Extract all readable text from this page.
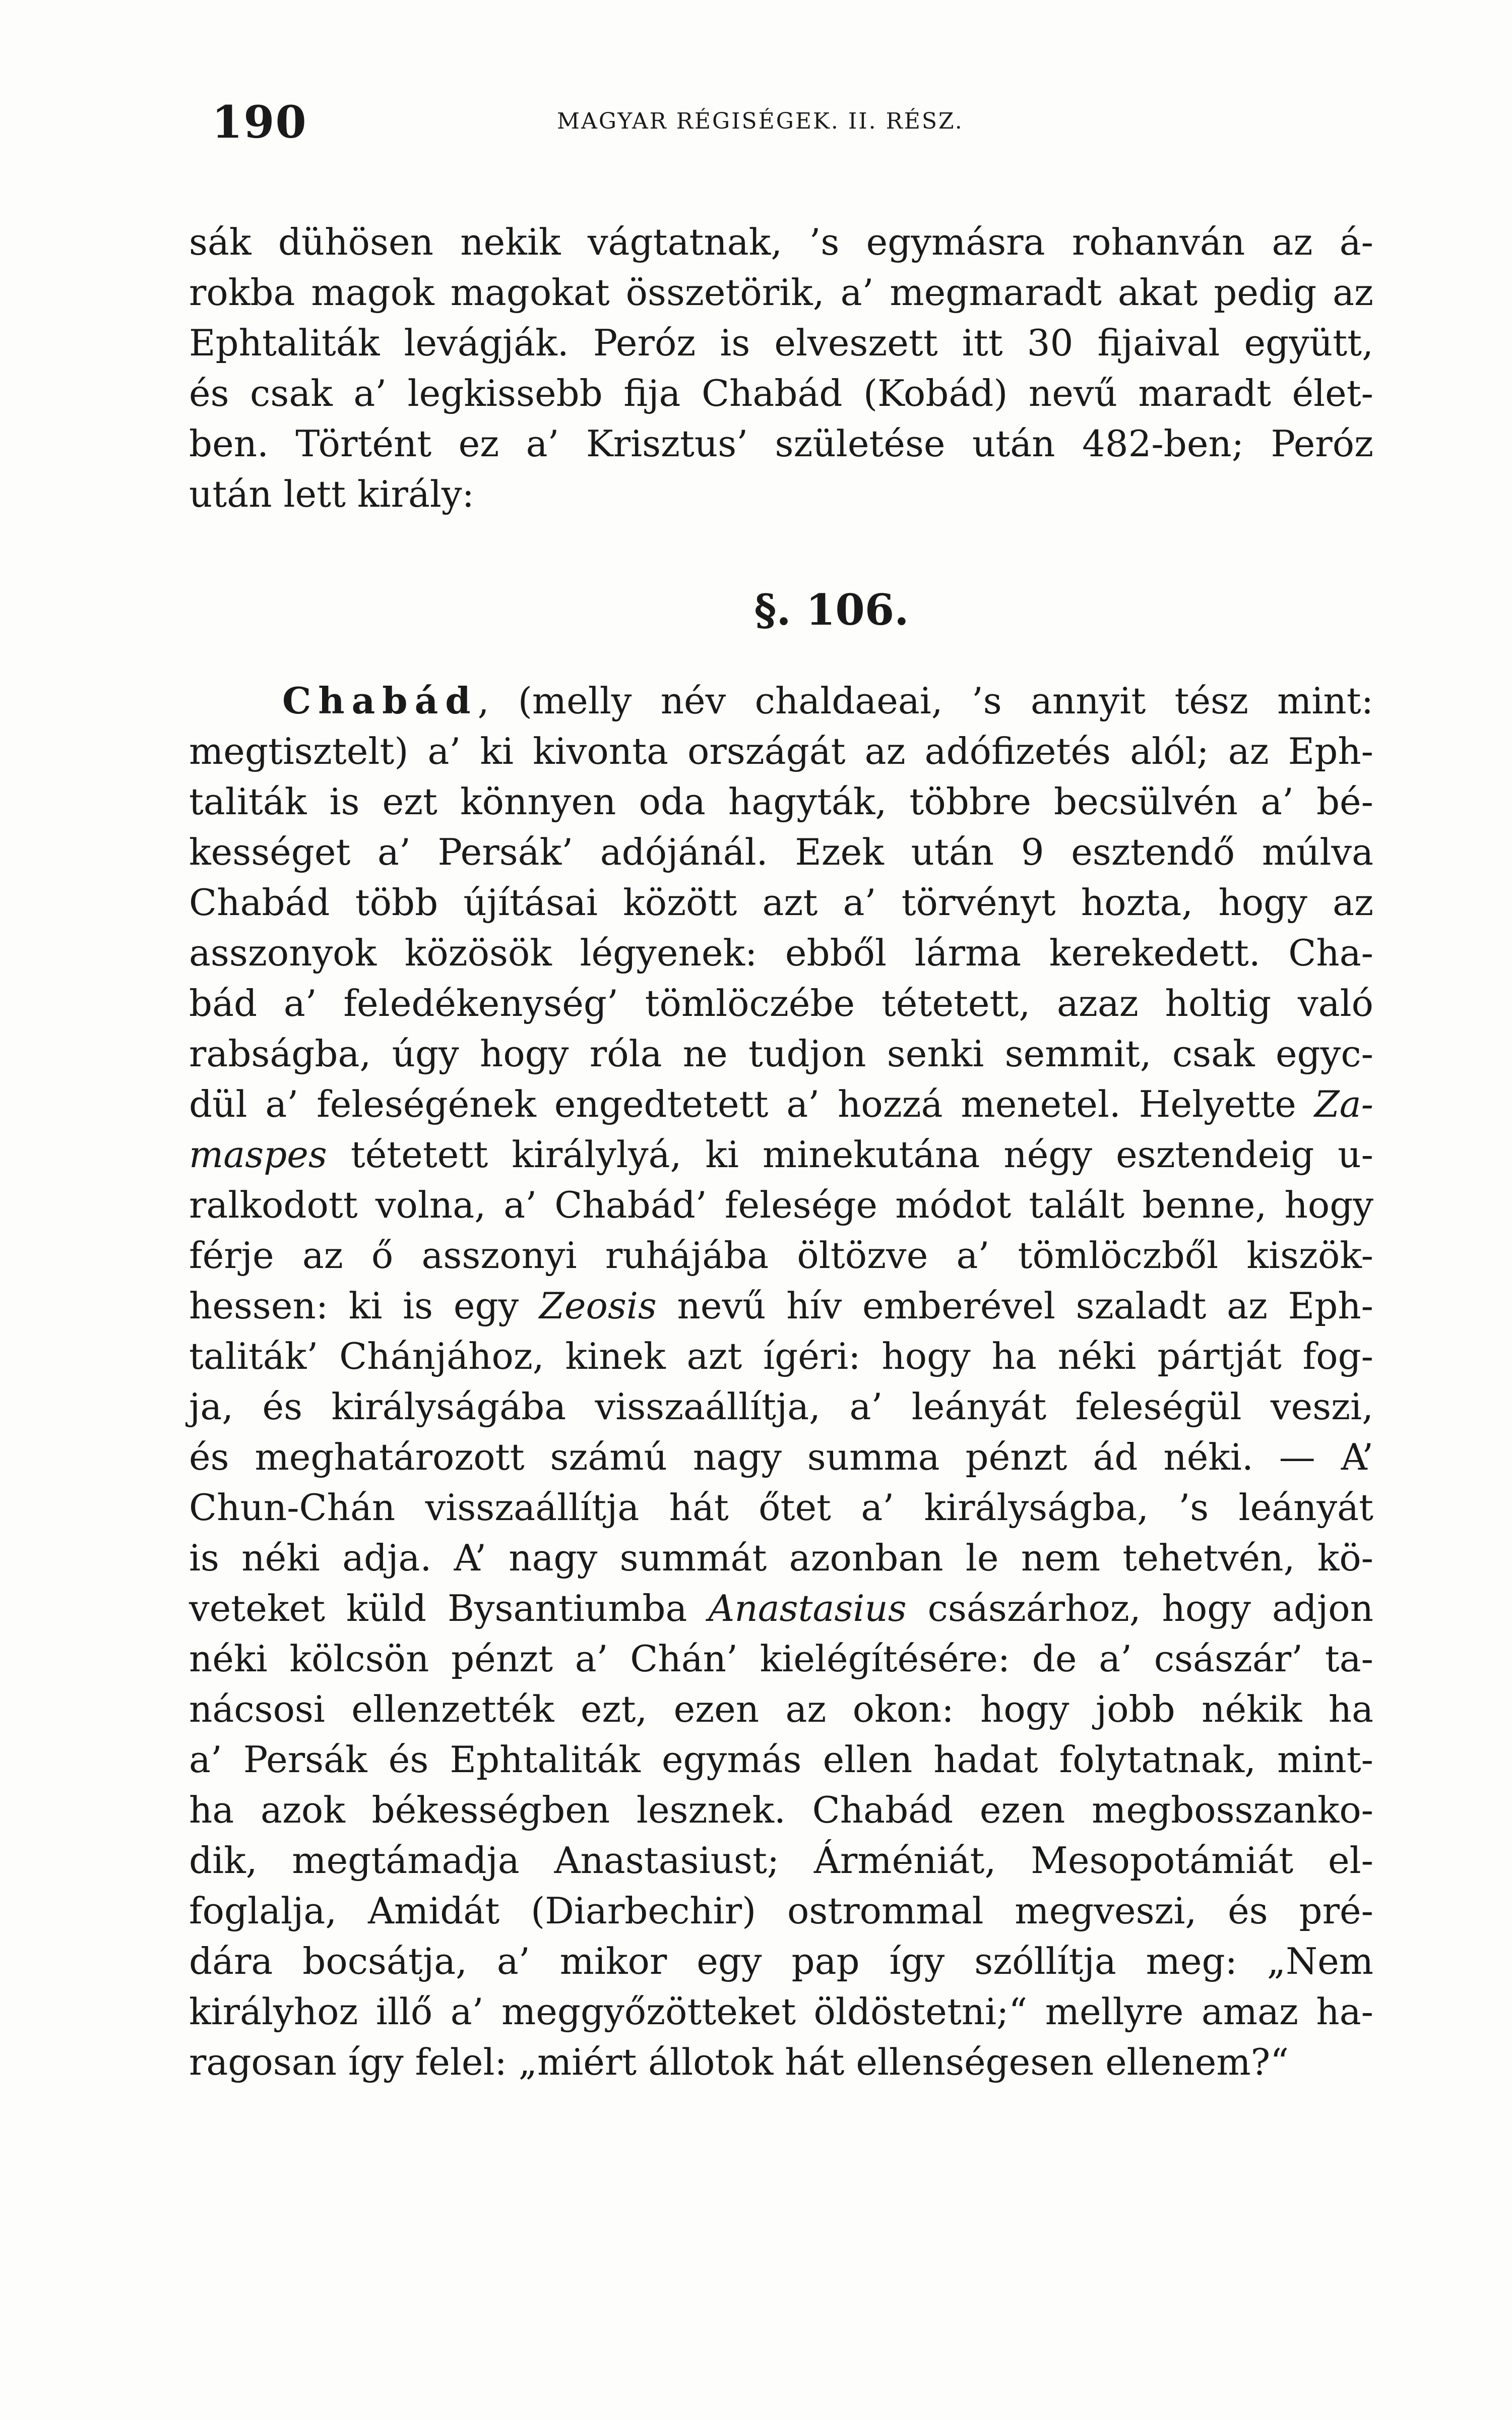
190	MAGYAR RÉGISÉGEK. II. RÉSZ.
sák dühösen nekik vágtatnak, ’s egymásra rohanván az á-
rokba magok magokat összetörik, a’ megmaradt akat pedig az
Ephtaliták levágják. Peróz is elveszett itt 30 fijaival együtt,
és csak a’ legkissebb fija Chabád (Kobád) nevű maradt élet-
ben. Történt ez a’ Krisztus’ születése után 482-ben; Peróz
után lett király:
§. 106.
Chabád, (melly név chaldaeai, ’s annyit tész mint:
megtisztelt) a’ ki kivonta országát az adófizetés alól; az Eph-
taliták is ezt könnyen oda hagyták, többre becsülvén a’ bé-
kességet a’ Persák’ adójánál. Ezek után 9 esztendő múlva
Chabád több újításai között azt a’ törvényt hozta, hogy az
asszonyok közösök légyenek: ebből lárma kerekedett. Cha-
bád a’ feledékenység’ tömlöczébe tétetett, azaz holtig való
rabságba, úgy hogy róla ne tudjon senki semmit, csak egyc-
dül a’ feleségének engedtetett a’ hozzá menetel. Helyette Za-
maspes tétetett királylyá, ki minekutána négy esztendeig u-
ralkodott volna, a’ Chabád’ felesége módot talált benne, hogy
férje az ő asszonyi ruhájába öltözve a’ tömlöczből kiszök-
hessen: ki is egy Zeosis nevű hív emberével szaladt az Eph-
taliták’ Chánjához, kinek azt ígéri: hogy ha néki pártját fog-
ja, és királyságába visszaállítja, a’ leányát feleségül veszi,
és meghatározott számú nagy summa pénzt ád néki. — A’
Chun-Chán visszaállítja hát őtet a’ királyságba, ’s leányát
is néki adja. A’ nagy summát azonban le nem tehetvén, kö-
veteket küld Bysantiumba Anastasius császárhoz, hogy adjon
néki kölcsön pénzt a’ Chán’ kielégítésére: de a’ császár’ ta-
nácsosi ellenzették ezt, ezen az okon: hogy jobb nékik ha
a’ Persák és Ephtaliták egymás ellen hadat folytatnak, mint-
ha azok békességben lesznek. Chabád ezen megbosszanko-
dik, megtámadja Anastasiust; Árméniát, Mesopotámiát el-
foglalja, Amidát (Diarbechir) ostrommal megveszi, és pré-
dára bocsátja, a’ mikor egy pap így szóllítja meg: „Nem
királyhoz illő a’ meggyőzötteket öldöstetni;“ mellyre amaz ha-
ragosan így felel: „miért állotok hát ellenségesen ellenem?“
